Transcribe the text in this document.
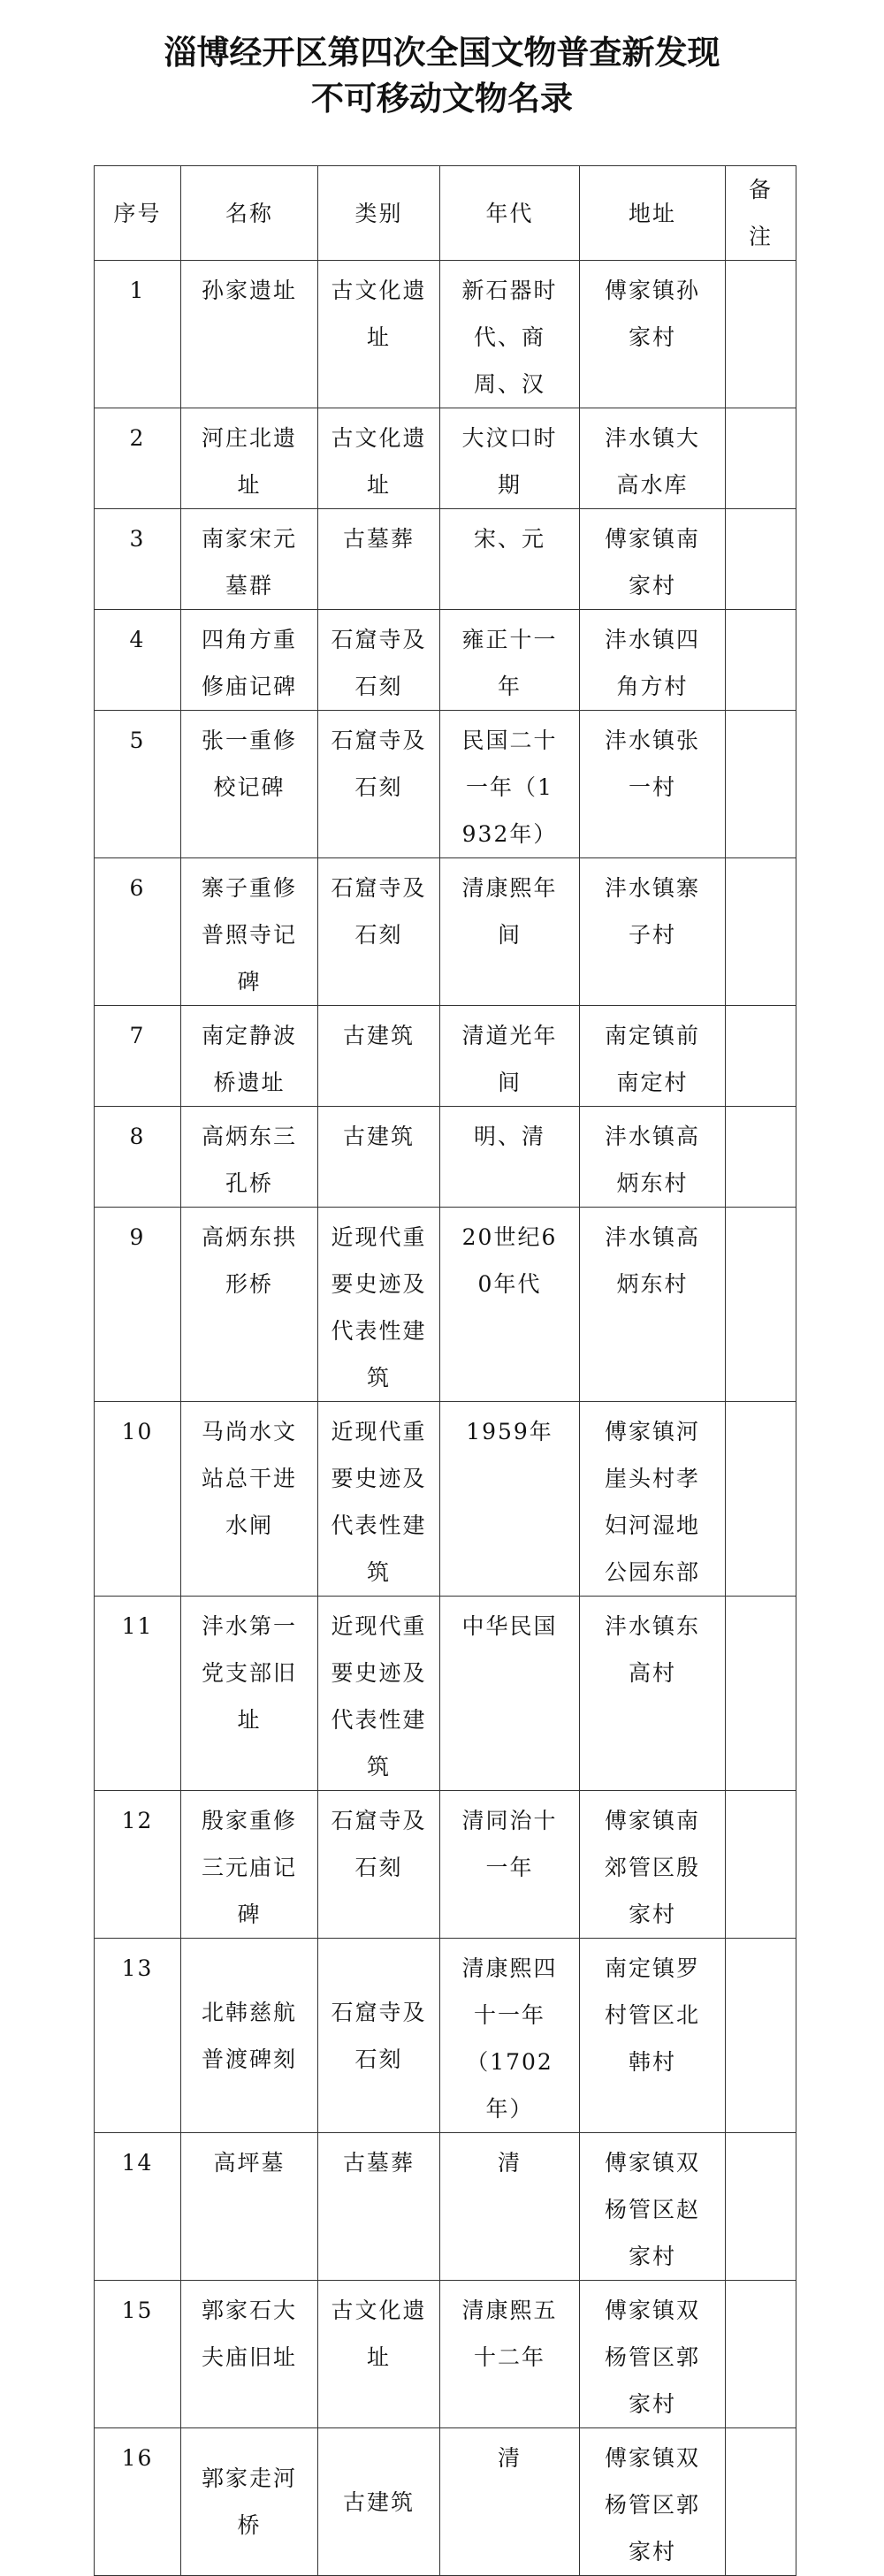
淄博经开区第四次全国文物普查新发现
不可移动文物名录
序号	名称	类别	年代	地址	备注

1	孙家遗址	古文化遗址	新石器时代、商周、汉	傅家镇孙家村	

2	河庄北遗址	古文化遗址	大汶口时期	沣水镇大高水库	

3	南家宋元墓群	古墓葬	宋、元	傅家镇南家村	

4	四角方重修庙记碑	石窟寺及石刻	雍正十一年	沣水镇四角方村	

5	张一重修校记碑	石窟寺及石刻	民国二十一年（1932年）	沣水镇张一村	

6	寨子重修普照寺记碑	石窟寺及石刻	清康熙年间	沣水镇寨子村	

7	南定静波桥遗址	古建筑	清道光年间	南定镇前南定村	

8	高炳东三孔桥	古建筑	明、清	沣水镇高炳东村	

9	高炳东拱形桥	近现代重要史迹及代表性建筑	20世纪60年代	沣水镇高炳东村	

10	马尚水文站总干进水闸	近现代重要史迹及代表性建筑	1959年	傅家镇河崖头村孝妇河湿地公园东部	

11	沣水第一党支部旧址	近现代重要史迹及代表性建筑	中华民国	沣水镇东高村	

12	殷家重修三元庙记碑	石窟寺及石刻	清同治十一年	傅家镇南郊管区殷家村	

13	北韩慈航普渡碑刻	石窟寺及石刻	清康熙四十一年（1702年）	南定镇罗村管区北韩村	

14	高坪墓	古墓葬	清	傅家镇双杨管区赵家村	

15	郭家石大夫庙旧址	古文化遗址	清康熙五十二年	傅家镇双杨管区郭家村	

16	郭家走河桥	古建筑	清	傅家镇双杨管区郭家村	
